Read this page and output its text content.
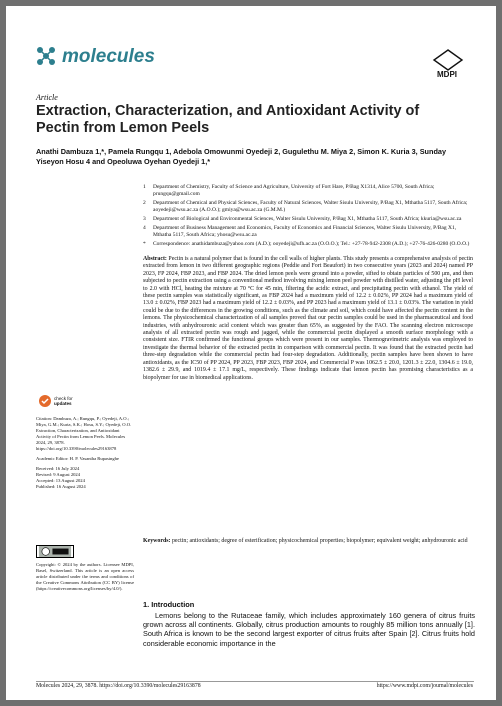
molecules
MDPI
Article
Extraction, Characterization, and Antioxidant Activity of Pectin from Lemon Peels
Anathi Dambuza 1,*, Pamela Rungqu 1, Adebola Omowunmi Oyedeji 2, Gugulethu M. Miya 2, Simon K. Kuria 3, Sunday Yiseyon Hosu 4 and Opeoluwa Oyehan Oyedeji 1,*
1	Department of Chemistry, Faculty of Science and Agriculture, University of Fort Hare, P/Bag X1314, Alice 5700, South Africa; prungqu@gmail.com
2	Department of Chemical and Physical Sciences, Faculty of Natural Sciences, Walter Sisulu University, P/Bag X1, Mthatha 5117, South Africa; aoyedeji@wsu.ac.za (A.O.O.); gmiya@wsu.ac.za (G.M.M.)
3	Department of Biological and Environmental Sciences, Walter Sisulu University, P/Bag X1, Mthatha 5117, South Africa; kkuria@wsu.ac.za
4	Department of Business Management and Economics, Faculty of Economics and Financial Sciences, Walter Sisulu University, P/Bag X1, Mthatha 5117, South Africa; yhosu@wsu.ac.za
*	Correspondence: anathidambuza@yahoo.com (A.D.); ooyedeji@ufh.ac.za (O.O.O.); Tel.: +27-78-942-2308 (A.D.); +27-76-426-0280 (O.O.O.)
Abstract: Pectin is a natural polymer that is found in the cell walls of higher plants. This study presents a comprehensive analysis of pectin extracted from lemon in two different geographic regions (Peddie and Fort Beaufort) in two consecutive years (2023 and 2024) named PP 2023, FP 2024, FBP 2023, and FBP 2024. The dried lemon peels were ground into a powder, sifted to obtain particles of 500 μm, and then subjected to pectin extraction using a conventional method involving mixing lemon peel powder with distilled water, adjusting the pH level to 2.0 with HCl, heating the mixture at 70 °C for 45 min, filtering the acidic extract, and precipitating pectin with ethanol. The yield of these pectin samples was statistically significant, as FBP 2024 had a maximum yield of 12.2 ± 0.02%, PP 2024 had a maximum yield of 13.0 ± 0.02%, FBP 2023 had a maximum yield of 12.2 ± 0.03%, and PP 2023 had a maximum yield of 13.1 ± 0.03%. The variation in yield could be due to the differences in the growing conditions, such as the climate and soil, which could have affected the pectin content in the lemons. The physicochemical characterization of all samples proved that our pectin samples could be used in the pharmaceutical and food industries, with anhydrouronic acid content which was greater than 65%, as suggested by the FAO. The scanning electron microscope analysis of all extracted pectin was rough and jagged, while the commercial pectin displayed a smooth surface morphology with a consistent size. FTIR confirmed the functional groups which were present in our samples. Thermogravimetric analysis was employed to investigate the thermal behavior of the extracted pectin in comparison with commercial pectin. It was found that the extracted pectin had three-step degradation while the commercial pectin had four-step degradation. Additionally, pectin samples have been shown to have antioxidants, as the IC50 of PP 2024, PP 2023, FBP 2023, FBP 2024, and Commercial P was 1062.5 ± 20.0, 1201.3 ± 22.0, 1304.6 ± 19.0, 1382.6 ± 29.9, and 1019.4 ± 17.1 mg/L, respectively. These findings indicate that lemon pectin has promising characteristics as a biopolymer for use in biomedical applications.
Keywords: pectin; antioxidants; degree of esterification; physicochemical properties; biopolymer; equivalent weight; anhydrouronic acid
check for
updates

Citation: Dambuza, A.; Rungqu, P.; Oyedeji, A.O.; Miya, G.M.; Kuria, S.K.; Hosu, S.Y.; Oyedeji, O.O. Extraction, Characterization, and Antioxidant Activity of Pectin from Lemon Peels. Molecules 2024, 29, 3878. https://doi.org/10.3390/molecules29163878

Academic Editor: H. P. Vasantha Rupasinghe

Received: 16 July 2024
Revised: 9 August 2024
Accepted: 13 August 2024
Published: 16 August 2024

Copyright: © 2024 by the authors. Licensee MDPI, Basel, Switzerland. This article is an open access article distributed under the terms and conditions of the Creative Commons Attribution (CC BY) license (https://creativecommons.org/licenses/by/4.0/).
1. Introduction
Lemons belong to the Rutaceae family, which includes approximately 160 genera of citrus fruits grown across all continents. Globally, citrus production amounts to roughly 85 million tons annually [1]. South Africa is known to be the second largest exporter of citrus fruits after Spain [2]. Citrus fruits hold considerable economic importance in the
Molecules 2024, 29, 3878. https://doi.org/10.3390/molecules29163878	https://www.mdpi.com/journal/molecules
